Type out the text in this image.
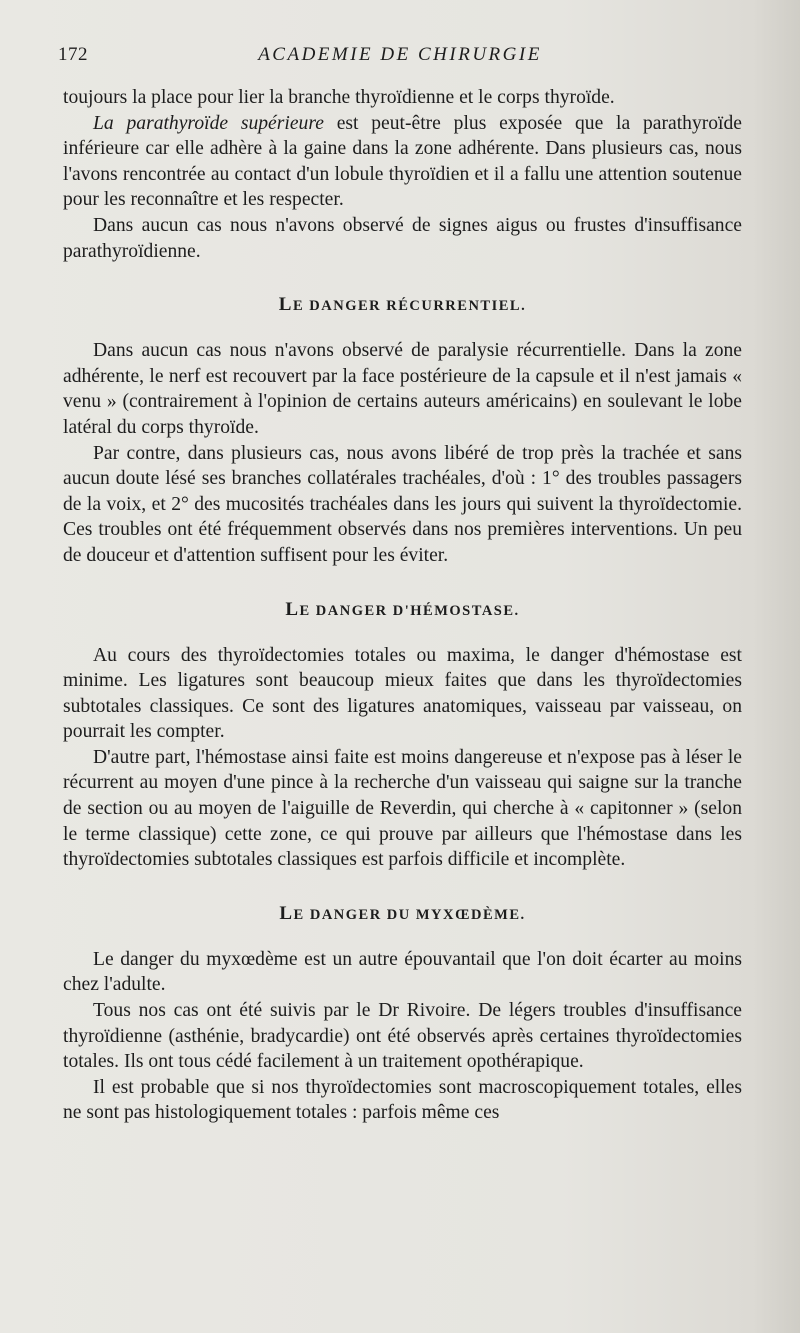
172	ACADEMIE DE CHIRURGIE

toujours la place pour lier la branche thyroïdienne et le corps thyroïde.

La parathyroïde supérieure est peut-être plus exposée que la parathyroïde inférieure car elle adhère à la gaine dans la zone adhérente. Dans plusieurs cas, nous l'avons rencontrée au contact d'un lobule thyroïdien et il a fallu une attention soutenue pour les reconnaître et les respecter.

Dans aucun cas nous n'avons observé de signes aigus ou frustes d'insuffisance parathyroïdienne.

LE DANGER RÉCURRENTIEL.

Dans aucun cas nous n'avons observé de paralysie récurrentielle. Dans la zone adhérente, le nerf est recouvert par la face postérieure de la capsule et il n'est jamais « venu » (contrairement à l'opinion de certains auteurs américains) en soulevant le lobe latéral du corps thyroïde.

Par contre, dans plusieurs cas, nous avons libéré de trop près la trachée et sans aucun doute lésé ses branches collatérales trachéales, d'où : 1° des troubles passagers de la voix, et 2° des mucosités trachéales dans les jours qui suivent la thyroïdectomie. Ces troubles ont été fréquemment observés dans nos premières interventions. Un peu de douceur et d'attention suffisent pour les éviter.

LE DANGER D'HÉMOSTASE.

Au cours des thyroïdectomies totales ou maxima, le danger d'hémostase est minime. Les ligatures sont beaucoup mieux faites que dans les thyroïdectomies subtotales classiques. Ce sont des ligatures anatomiques, vaisseau par vaisseau, on pourrait les compter.

D'autre part, l'hémostase ainsi faite est moins dangereuse et n'expose pas à léser le récurrent au moyen d'une pince à la recherche d'un vaisseau qui saigne sur la tranche de section ou au moyen de l'aiguille de Reverdin, qui cherche à « capitonner » (selon le terme classique) cette zone, ce qui prouve par ailleurs que l'hémostase dans les thyroïdectomies subtotales classiques est parfois difficile et incomplète.

LE DANGER DU MYXŒDÈME.

Le danger du myxœdème est un autre épouvantail que l'on doit écarter au moins chez l'adulte.

Tous nos cas ont été suivis par le Dr Rivoire. De légers troubles d'insuffisance thyroïdienne (asthénie, bradycardie) ont été observés après certaines thyroïdectomies totales. Ils ont tous cédé facilement à un traitement opothérapique.

Il est probable que si nos thyroïdectomies sont macroscopiquement totales, elles ne sont pas histologiquement totales : parfois même ces
